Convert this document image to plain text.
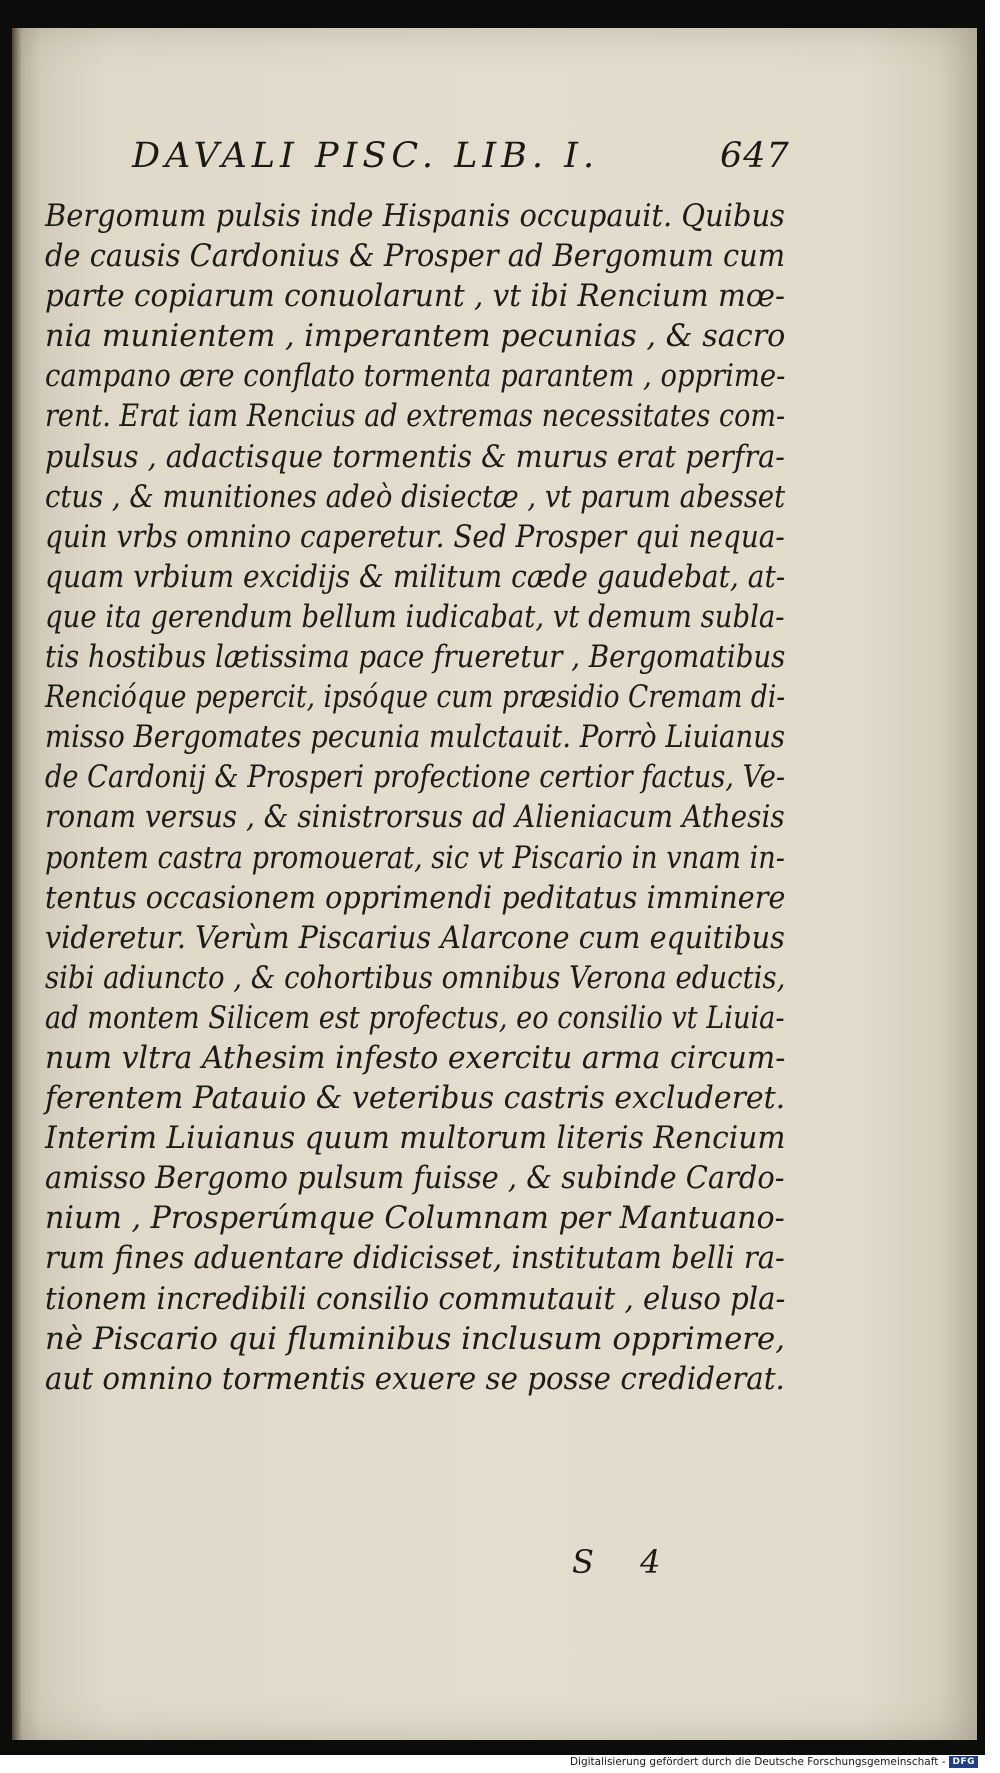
DAVALI PISC. LIB. I.	647
Bergomum pulsis inde Hispanis occupauit. Quibus
de causis Cardonius & Prosper ad Bergomum cum
parte copiarum conuolarunt , vt ibi Rencium mœ-
nia munientem , imperantem pecunias , & sacro
campano ære conflato tormenta parantem , opprime-
rent. Erat iam Rencius ad extremas necessitates com-
pulsus , adactisque tormentis & murus erat perfra-
ctus , & munitiones adeò disiectæ , vt parum abesset
quin vrbs omnino caperetur. Sed Prosper qui nequa-
quam vrbium excidijs & militum cæde gaudebat, at-
que ita gerendum bellum iudicabat, vt demum subla-
tis hostibus lætissima pace frueretur , Bergomatibus
Rencióque pepercit, ipsóque cum præsidio Cremam di-
misso Bergomates pecunia mulctauit. Porrò Liuianus
de Cardonij & Prosperi profectione certior factus, Ve-
ronam versus , & sinistrorsus ad Alieniacum Athesis
pontem castra promouerat, sic vt Piscario in vnam in-
tentus occasionem opprimendi peditatus imminere
videretur. Verùm Piscarius Alarcone cum equitibus
sibi adiuncto , & cohortibus omnibus Verona eductis,
ad montem Silicem est profectus, eo consilio vt Liuia-
num vltra Athesim infesto exercitu arma circum-
ferentem Patauio & veteribus castris excluderet.
Interim Liuianus quum multorum literis Rencium
amisso Bergomo pulsum fuisse , & subinde Cardo-
nium , Prosperúmque Columnam per Mantuano-
rum fines aduentare didicisset, institutam belli ra-
tionem incredibili consilio commutauit , eluso pla-
nè Piscario qui fluminibus inclusum opprimere,
aut omnino tormentis exuere se posse crediderat.
S 4
Digitalisierung gefördert durch die Deutsche Forschungsgemeinschaft - DFG
